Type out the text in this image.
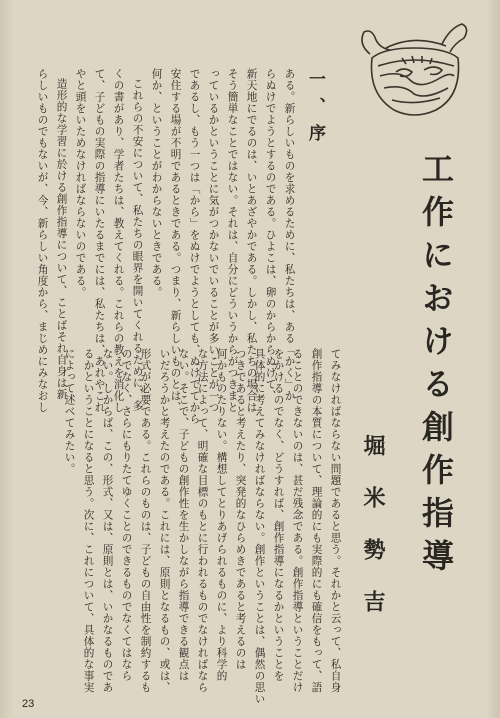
一、序
ある。新らしいものを求めるために、私たちは、ある「かく」か
らぬけでようとするのである。ひよこは、卵のからからぬけて、
新天地にでるのは、いとあざやかである。しかし、私たちの場合は
そう簡単なことではない。それは、自分にどういうからがつきまと
っているかということに気がつかないでいることが多いことが一つ
であるし、もう一つは「から」をぬけでようとしても、ぬけでてから
安住する場が不明であるときである。つまり、新らしいものとは、
何か、ということがわからないときである。
これらの不安について、私たちの眼界を開いてくれるために、多
くの書があり、学者たちは、教えてくれる。これらの教えを消化し
て、子どもの実際の指導にいたるまでには、私たちは、あれやこれ
やと頭をいためなければならないのである。
造形的な学習に於ける創作指導について、ことばそれ自身は新
らしいものでもないが、今、新らしい角度から、まじめにみなおし	工作における創作指導
堀米勢吉
てみなければならない問題であると思う。それかと云って、私自身
創作指導の本質について、理論的にも実際的にも確信をもって、語
ることのできないのは、甚だ残念である。創作指導ということだけ
をかけるのでなく、どうすれば、創作指導になるかということを
具体的に考えてみなければならない。創作ということは、偶然の思い
つきであると考えたり、突発的なひらめきであると考えるのは
何かものたりない。構想してとりあげられるものに、より科学的
な方法によって、明確な目標のもとに行われるものでなければなら
ない。そこで、子どもの創作性を生かしながら指導できる観点は
いだろうかと考えたのである。これには、原則となるもの、或は、
形式が必要である。これらのものは、子どもの自由性を制約するも
のでなく、さらにもりたてゆくことのできるものでなくてはなら
ない。しからば、この、形式、又は、原則とは、いかなるものであ
るかということになると思う。次に、これについて、具体的な事実
によって述べてみたい。
23
